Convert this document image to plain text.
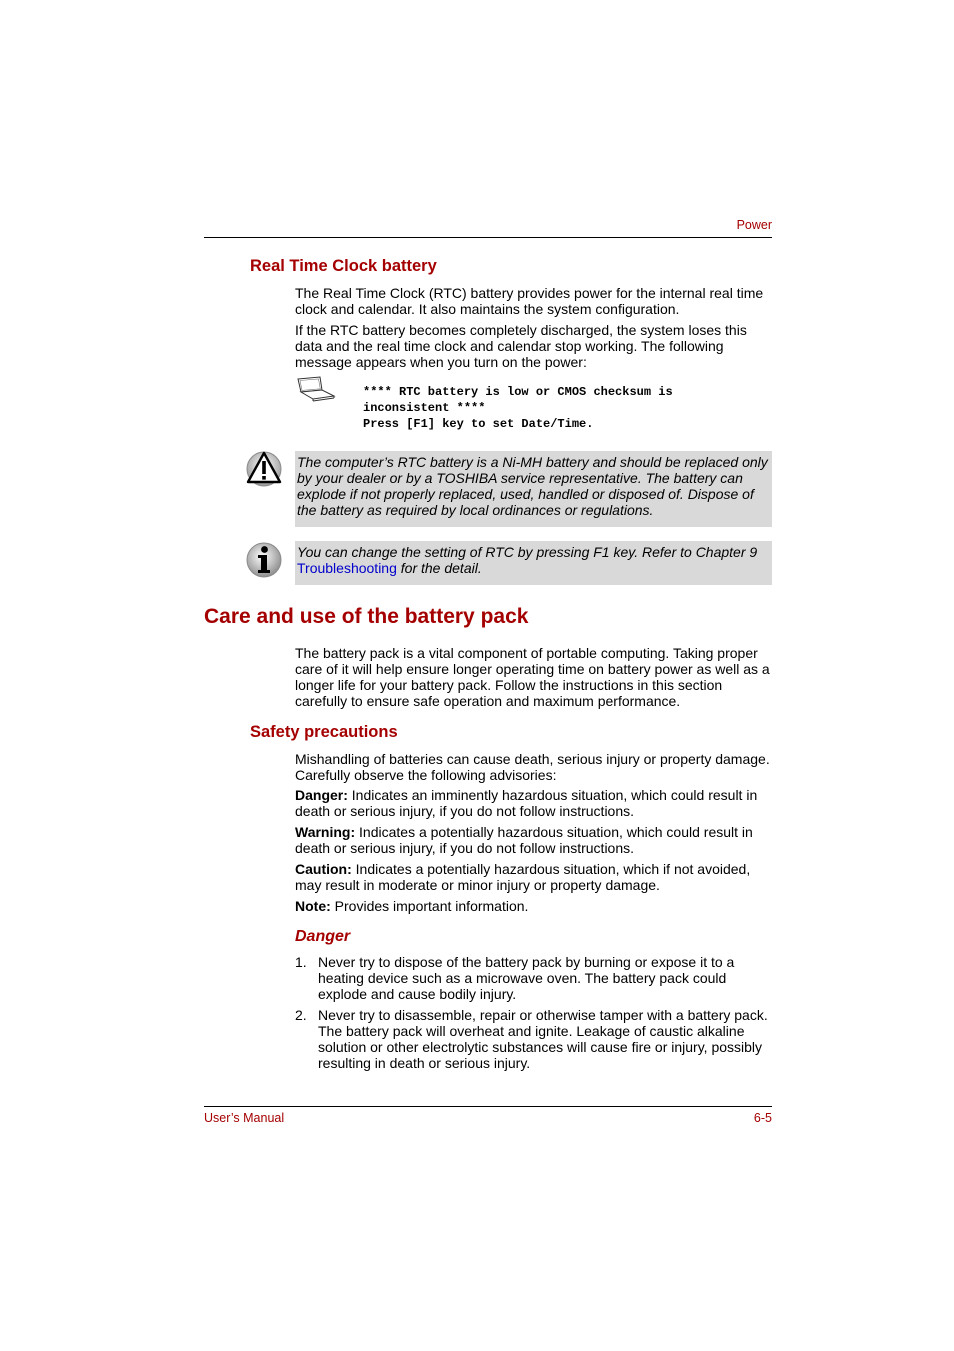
Power
Real Time Clock battery

The Real Time Clock (RTC) battery provides power for the internal real time clock and calendar. It also maintains the system configuration.

If the RTC battery becomes completely discharged, the system loses this data and the real time clock and calendar stop working. The following message appears when you turn on the power:

**** RTC battery is low or CMOS checksum is
inconsistent ****
Press [F1] key to set Date/Time.

The computer’s RTC battery is a Ni-MH battery and should be replaced only by your dealer or by a TOSHIBA service representative. The battery can explode if not properly replaced, used, handled or disposed of. Dispose of the battery as required by local ordinances or regulations.

You can change the setting of RTC by pressing F1 key. Refer to Chapter 9 Troubleshooting for the detail.

Care and use of the battery pack

The battery pack is a vital component of portable computing. Taking proper care of it will help ensure longer operating time on battery power as well as a longer life for your battery pack. Follow the instructions in this section carefully to ensure safe operation and maximum performance.

Safety precautions

Mishandling of batteries can cause death, serious injury or property damage. Carefully observe the following advisories:

Danger: Indicates an imminently hazardous situation, which could result in death or serious injury, if you do not follow instructions.

Warning: Indicates a potentially hazardous situation, which could result in death or serious injury, if you do not follow instructions.

Caution: Indicates a potentially hazardous situation, which if not avoided, may result in moderate or minor injury or property damage.

Note: Provides important information.

Danger
1. Never try to dispose of the battery pack by burning or expose it to a heating device such as a microwave oven. The battery pack could explode and cause bodily injury.
2. Never try to disassemble, repair or otherwise tamper with a battery pack. The battery pack will overheat and ignite. Leakage of caustic alkaline solution or other electrolytic substances will cause fire or injury, possibly resulting in death or serious injury.
User’s Manual	6-5
